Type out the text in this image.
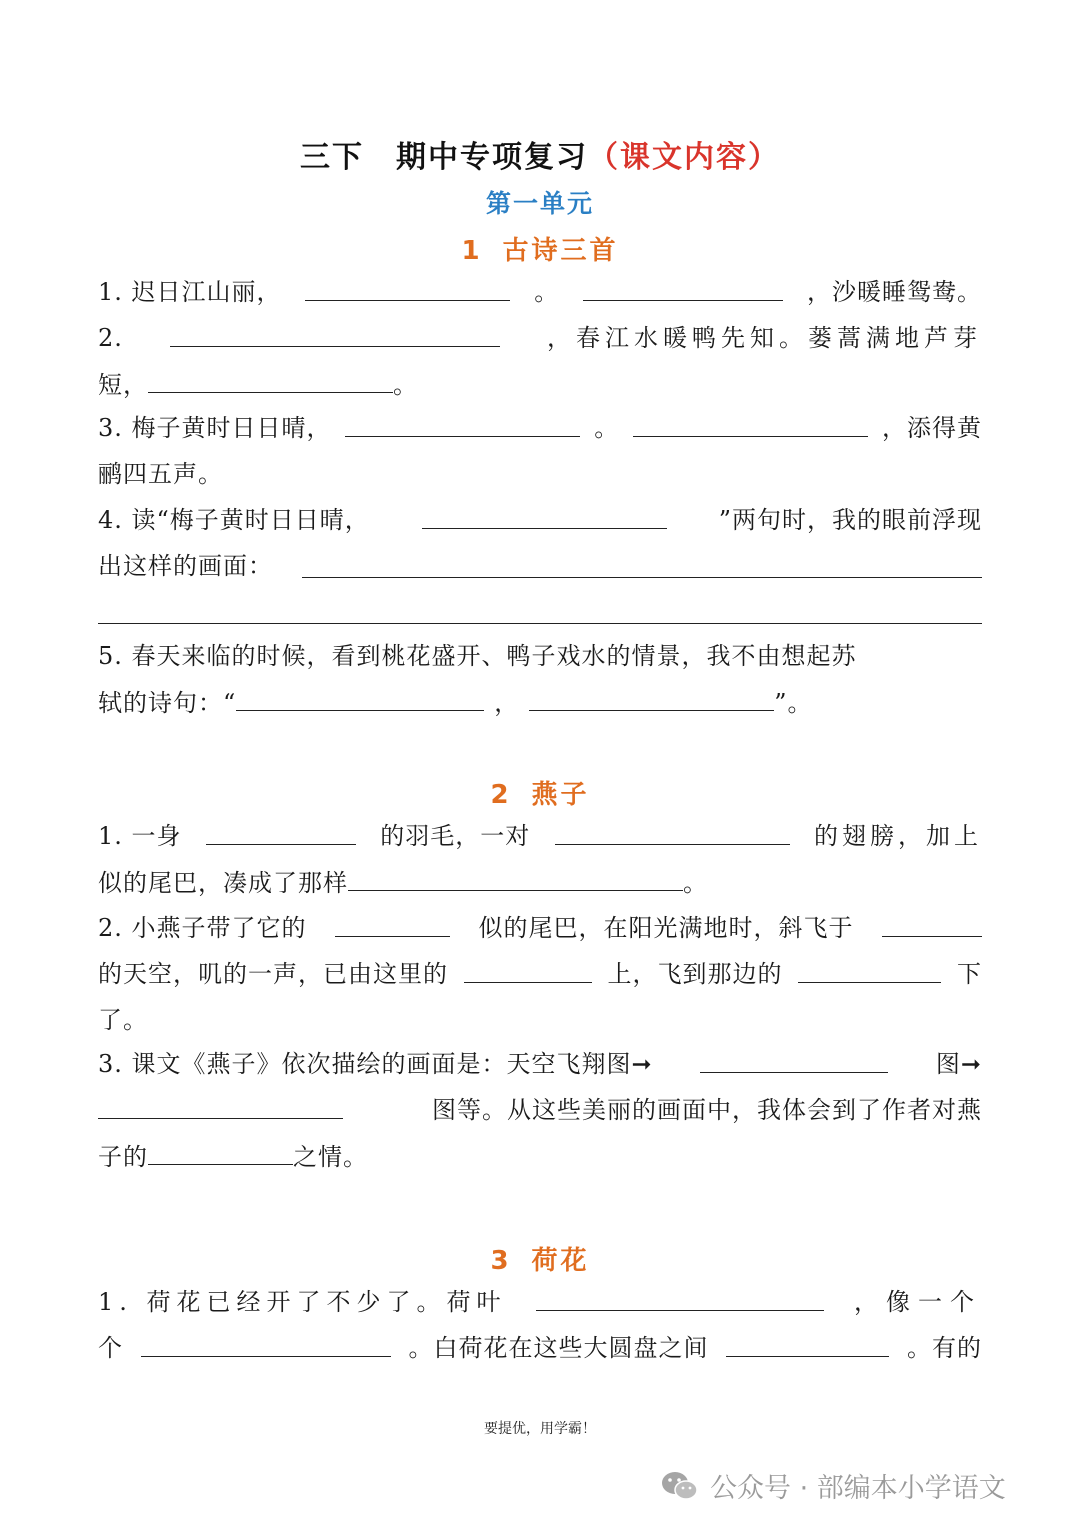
三下　期中专项复习（课文内容）
第一单元
1 古诗三首
1. 迟日江山丽，	。	，沙暖睡鸳鸯。
2.	，春江水暖鸭先知。蒌蒿满地芦芽
短，	。
3. 梅子黄时日日晴，	。	，添得黄
鹂四五声。
4. 读“梅子黄时日日晴，	”两句时，我的眼前浮现
出这样的画面：
5. 春天来临的时候，看到桃花盛开、鸭子戏水的情景，我不由想起苏
轼的诗句：“	，	”。
2 燕子
1. 一身	的羽毛，一对	的翅膀，加上
似的尾巴，凑成了那样	。
2. 小燕子带了它的	似的尾巴，在阳光满地时，斜飞于
的天空，叽的一声，已由这里的	上，飞到那边的	下
了。
3. 课文《燕子》依次描绘的画面是：天空飞翔图➞	图➞
图等。从这些美丽的画面中，我体会到了作者对燕
子的	之情。
3 荷花
1. 荷花已经开了不少了。荷叶	，像一个
个	。白荷花在这些大圆盘之间	。有的
要提优，用学霸！
公众号 · 部编本小学语文
